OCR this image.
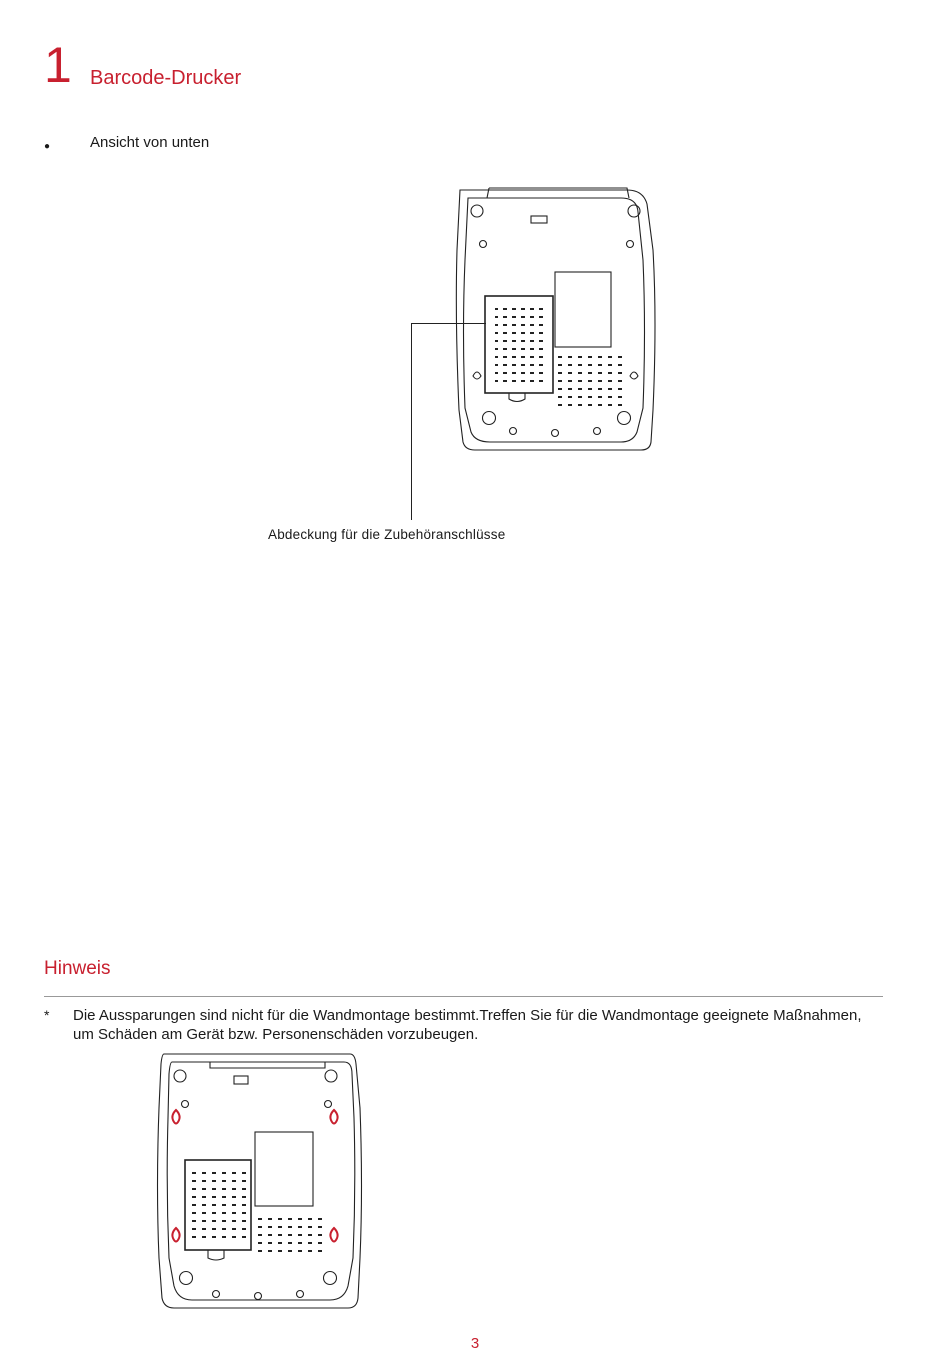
1 Barcode-Drucker
●	Ansicht von unten
Abdeckung für die Zubehöranschlüsse
Hinweis
* Die Aussparungen sind nicht für die Wandmontage bestimmt.Treffen Sie für die Wandmontage geeignete Maßnahmen, um Schäden am Gerät bzw. Personenschäden vorzubeugen.
3
